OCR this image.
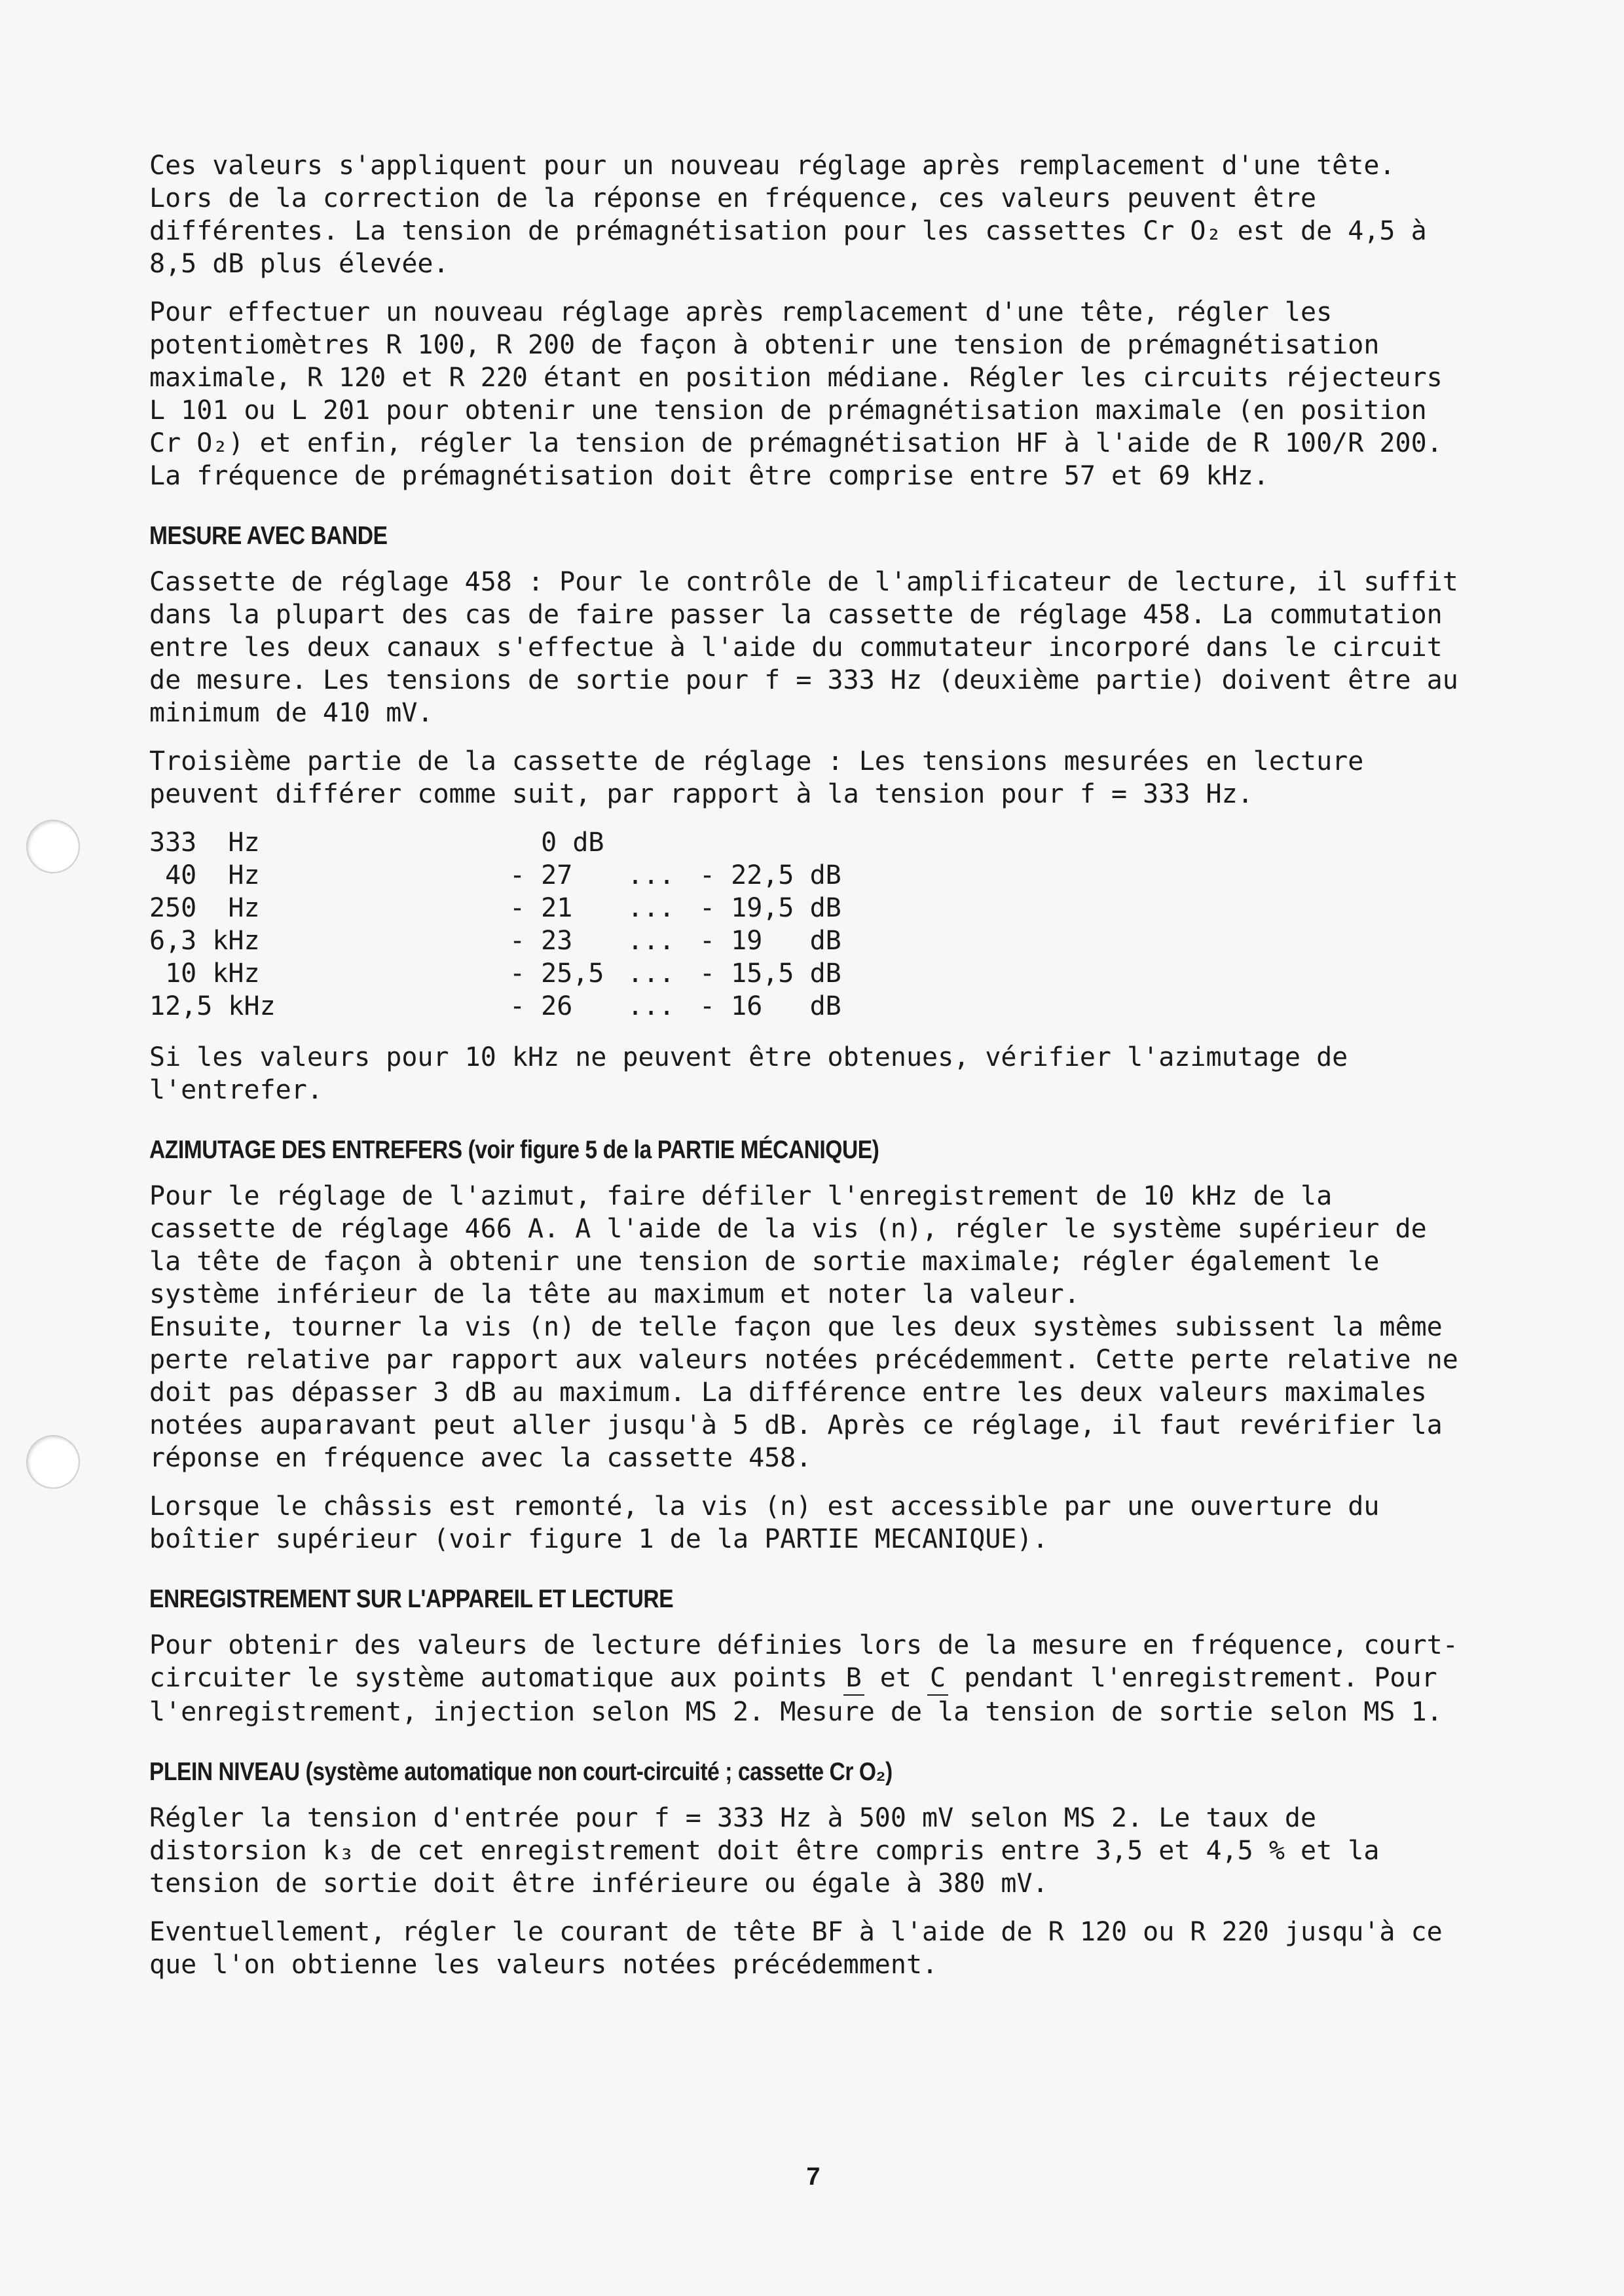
Ces valeurs s'appliquent pour un nouveau réglage après remplacement d'une tête. Lors de la correction de la réponse en fréquence, ces valeurs peuvent être différentes. La tension de prémagnétisation pour les cassettes Cr O₂ est de 4,5 à 8,5 dB plus élevée.

Pour effectuer un nouveau réglage après remplacement d'une tête, régler les potentiomètres R 100, R 200 de façon à obtenir une tension de prémagnétisation maximale, R 120 et R 220 étant en position médiane. Régler les circuits réjecteurs L 101 ou L 201 pour obtenir une tension de prémagnétisation maximale (en position Cr O₂) et enfin, régler la tension de prémagnétisation HF à l'aide de R 100/R 200. La fréquence de prémagnétisation doit être comprise entre 57 et 69 kHz.

MESURE AVEC BANDE

Cassette de réglage 458 : Pour le contrôle de l'amplificateur de lecture, il suffit dans la plupart des cas de faire passer la cassette de réglage 458. La commutation entre les deux canaux s'effectue à l'aide du commutateur incorporé dans le circuit de mesure. Les tensions de sortie pour f = 333 Hz (deuxième partie) doivent être au minimum de 410 mV.

Troisième partie de la cassette de réglage : Les tensions mesurées en lecture peuvent différer comme suit, par rapport à la tension pour f = 333 Hz.

333  Hz	0 dB		
40  Hz	- 27	...	- 22,5 dB
250  Hz	- 21	...	- 19,5 dB
6,3 kHz	- 23	...	- 19   dB
10 kHz	- 25,5	...	- 15,5 dB
12,5 kHz	- 26	...	- 16   dB

Si les valeurs pour 10 kHz ne peuvent être obtenues, vérifier l'azimutage de l'entrefer.

AZIMUTAGE DES ENTREFERS (voir figure 5 de la PARTIE MÉCANIQUE)

Pour le réglage de l'azimut, faire défiler l'enregistrement de 10 kHz de la cassette de réglage 466 A. A l'aide de la vis (n), régler le système supérieur de la tête de façon à obtenir une tension de sortie maximale; régler également le système inférieur de la tête au maximum et noter la valeur.

Ensuite, tourner la vis (n) de telle façon que les deux systèmes subissent la même perte relative par rapport aux valeurs notées précédemment. Cette perte relative ne doit pas dépasser 3 dB au maximum. La différence entre les deux valeurs maximales notées auparavant peut aller jusqu'à 5 dB. Après ce réglage, il faut revérifier la réponse en fréquence avec la cassette 458.

Lorsque le châssis est remonté, la vis (n) est accessible par une ouverture du boîtier supérieur (voir figure 1 de la PARTIE MECANIQUE).

ENREGISTREMENT SUR L'APPAREIL ET LECTURE

Pour obtenir des valeurs de lecture définies lors de la mesure en fréquence, court-circuiter le système automatique aux points B et C pendant l'enregistrement. Pour l'enregistrement, injection selon MS 2. Mesure de la tension de sortie selon MS 1.

PLEIN NIVEAU (système automatique non court-circuité ; cassette Cr O₂)

Régler la tension d'entrée pour f = 333 Hz à 500 mV selon MS 2. Le taux de distorsion k₃ de cet enregistrement doit être compris entre 3,5 et 4,5 % et la tension de sortie doit être inférieure ou égale à 380 mV.

Eventuellement, régler le courant de tête BF à l'aide de R 120 ou R 220 jusqu'à ce que l'on obtienne les valeurs notées précédemment.

7
